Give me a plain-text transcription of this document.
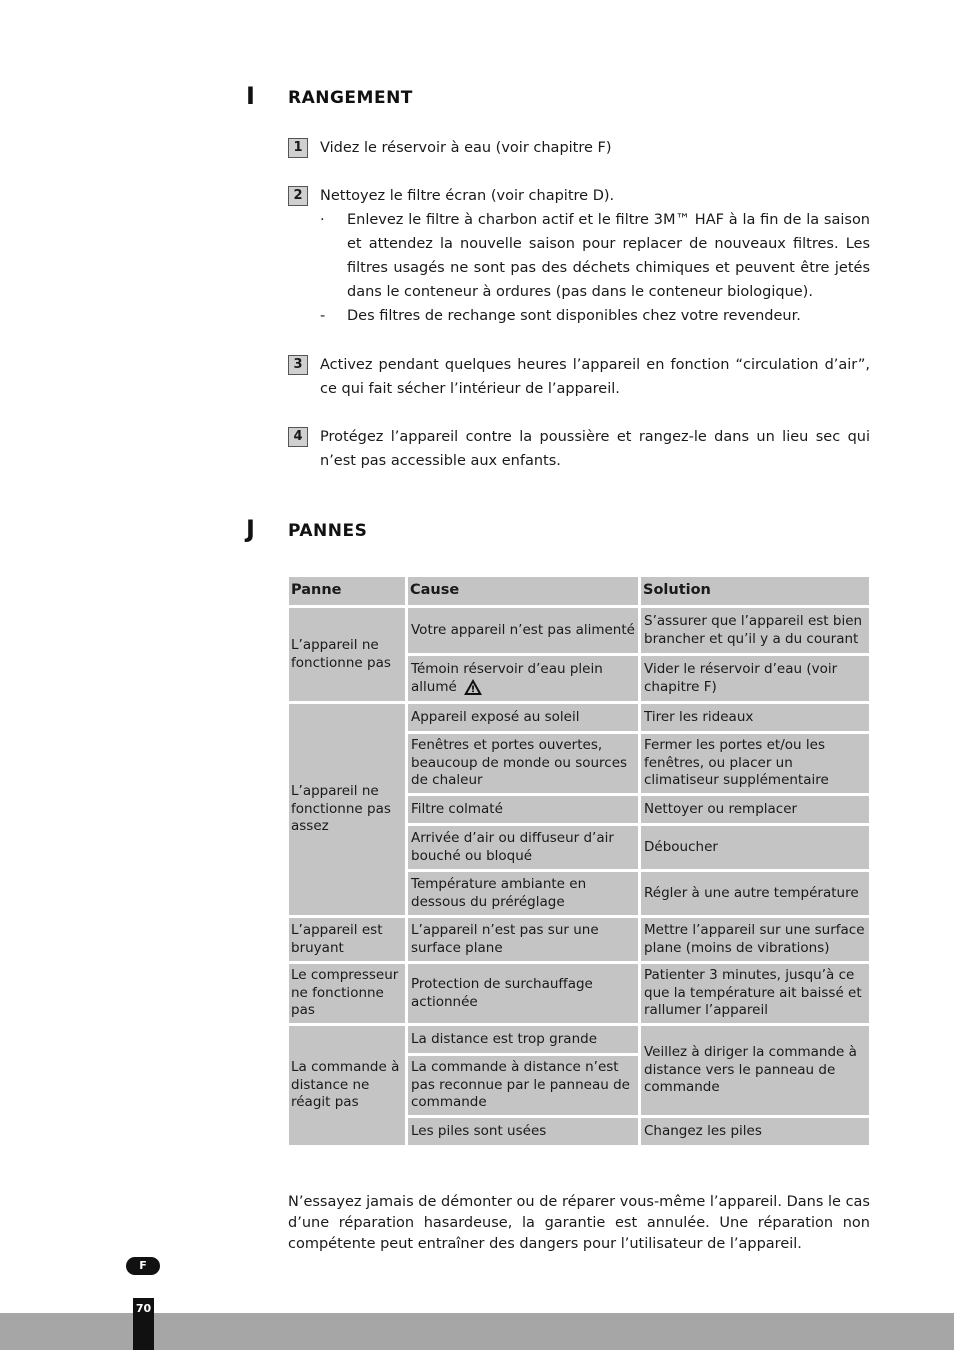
I RANGEMENT
1	Videz le réservoir à eau (voir chapitre F)
2	Nettoyez le filtre écran (voir chapitre D).
· Enlevez le filtre à charbon actif et le filtre 3M™ HAF à la fin de la saison et attendez la nouvelle saison pour replacer de nouveaux filtres. Les filtres usagés ne sont pas des déchets chimiques et peuvent être jetés dans le conteneur à ordures (pas dans le conteneur biologique).
- Des filtres de rechange sont disponibles chez votre revendeur.
3	Activez pendant quelques heures l’appareil en fonction “circulation d’air”, ce qui fait sécher l’intérieur de l’appareil.
4	Protégez l’appareil contre la poussière et rangez-le dans un lieu sec qui n’est pas accessible aux enfants.
J PANNES
Panne	Cause	Solution
L’appareil ne fonctionne pas	Votre appareil n’est pas alimenté	S’assurer que l’appareil est bien brancher et qu’il y a du courant
	Témoin réservoir d’eau plein allumé	Vider le réservoir d’eau (voir chapitre F)
L’appareil ne fonctionne pas assez	Appareil exposé au soleil	Tirer les rideaux
	Fenêtres et portes ouvertes, beaucoup de monde ou sources de chaleur	Fermer les portes et/ou les fenêtres, ou placer un climatiseur supplémentaire
	Filtre colmaté	Nettoyer ou remplacer
	Arrivée d’air ou diffuseur d’air bouché ou bloqué	Déboucher
	Température ambiante en dessous du préréglage	Régler à une autre température
L’appareil est bruyant	L’appareil n’est pas sur une surface plane	Mettre l’appareil sur une surface plane (moins de vibrations)
Le compresseur ne fonctionne pas	Protection de surchauffage actionnée	Patienter 3 minutes, jusqu’à ce que la température ait baissé et rallumer l’appareil
La commande à distance ne réagit pas	La distance est trop grande	Veillez à diriger la commande à distance vers le panneau de commande
	La commande à distance n’est pas reconnue par le panneau de commande	
	Les piles sont usées	Changez les piles
N’essayez jamais de démonter ou de réparer vous-même l’appareil. Dans le cas d’une réparation hasardeuse, la garantie est annulée. Une réparation non compétente peut entraîner des dangers pour l’utilisateur de l’appareil.
F
70
